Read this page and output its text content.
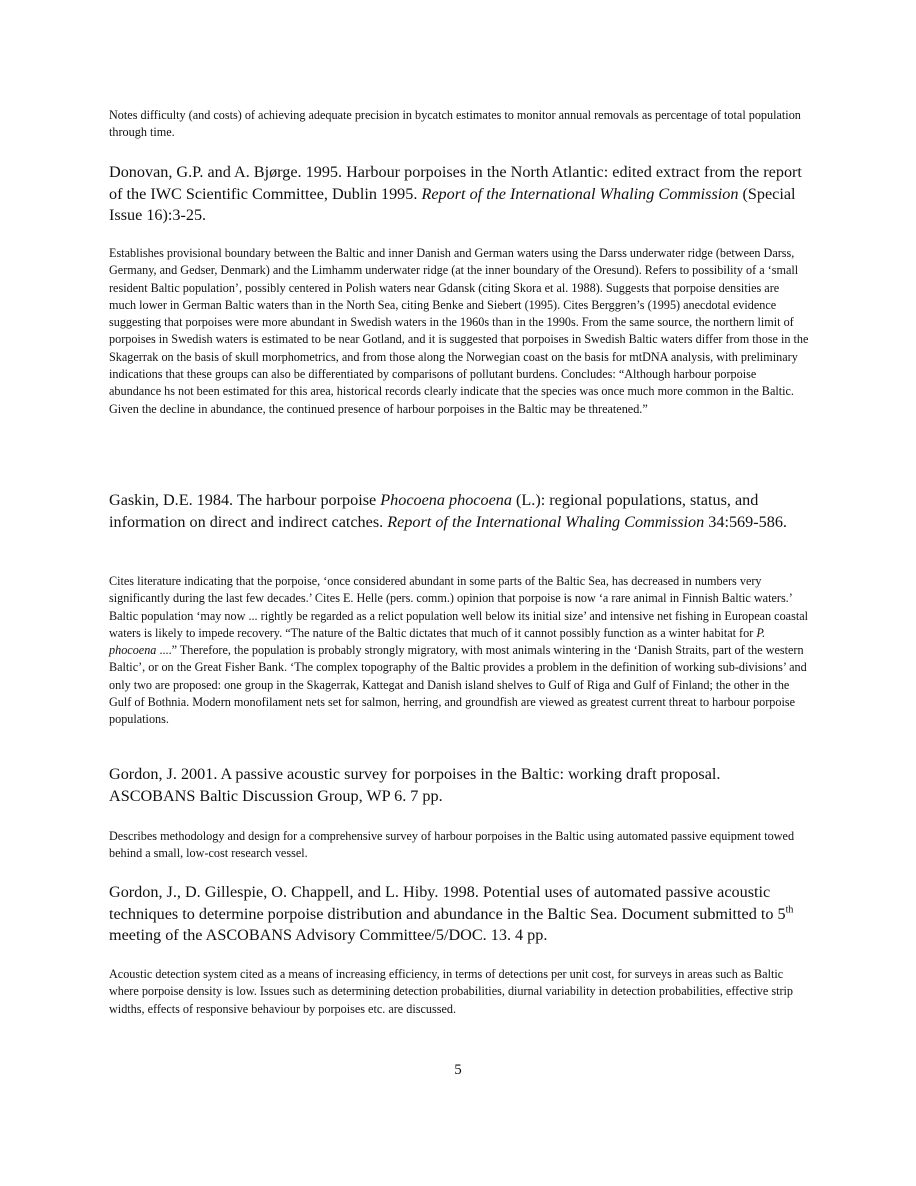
Notes difficulty (and costs) of achieving adequate precision in bycatch estimates to monitor annual removals as percentage of total population through time.

Donovan, G.P. and A. Bjørge. 1995. Harbour porpoises in the North Atlantic: edited extract from the report of the IWC Scientific Committee, Dublin 1995. Report of the International Whaling Commission (Special Issue 16):3-25.

Establishes provisional boundary between the Baltic and inner Danish and German waters using the Darss underwater ridge (between Darss, Germany, and Gedser, Denmark) and the Limhamm underwater ridge (at the inner boundary of the Oresund). Refers to possibility of a ‘small resident Baltic population’, possibly centered in Polish waters near Gdansk (citing Skora et al. 1988). Suggests that porpoise densities are much lower in German Baltic waters than in the North Sea, citing Benke and Siebert (1995). Cites Berggren’s (1995) anecdotal evidence suggesting that porpoises were more abundant in Swedish waters in the 1960s than in the 1990s. From the same source, the northern limit of porpoises in Swedish waters is estimated to be near Gotland, and it is suggested that porpoises in Swedish Baltic waters differ from those in the Skagerrak on the basis of skull morphometrics, and from those along the Norwegian coast on the basis for mtDNA analysis, with preliminary indications that these groups can also be differentiated by comparisons of pollutant burdens. Concludes: “Although harbour porpoise abundance hs not been estimated for this area, historical records clearly indicate that the species was once much more common in the Baltic. Given the decline in abundance, the continued presence of harbour porpoises in the Baltic may be threatened.”

Gaskin, D.E. 1984. The harbour porpoise Phocoena phocoena (L.): regional populations, status, and information on direct and indirect catches. Report of the International Whaling Commission 34:569-586.

Cites literature indicating that the porpoise, ‘once considered abundant in some parts of the Baltic Sea, has decreased in numbers very significantly during the last few decades.’ Cites E. Helle (pers. comm.) opinion that porpoise is now ‘a rare animal in Finnish Baltic waters.’ Baltic population ‘may now ... rightly be regarded as a relict population well below its initial size’ and intensive net fishing in European coastal waters is likely to impede recovery. “The nature of the Baltic dictates that much of it cannot possibly function as a winter habitat for P. phocoena ....” Therefore, the population is probably strongly migratory, with most animals wintering in the ‘Danish Straits, part of the western Baltic’, or on the Great Fisher Bank. ‘The complex topography of the Baltic provides a problem in the definition of working sub-divisions’ and only two are proposed: one group in the Skagerrak, Kattegat and Danish island shelves to Gulf of Riga and Gulf of Finland; the other in the Gulf of Bothnia. Modern monofilament nets set for salmon, herring, and groundfish are viewed as greatest current threat to harbour porpoise populations.

Gordon, J. 2001. A passive acoustic survey for porpoises in the Baltic: working draft proposal. ASCOBANS Baltic Discussion Group, WP 6. 7 pp.

Describes methodology and design for a comprehensive survey of harbour porpoises in the Baltic using automated passive equipment towed behind a small, low-cost research vessel.

Gordon, J., D. Gillespie, O. Chappell, and L. Hiby. 1998. Potential uses of automated passive acoustic techniques to determine porpoise distribution and abundance in the Baltic Sea. Document submitted to 5th meeting of the ASCOBANS Advisory Committee/5/DOC. 13. 4 pp.

Acoustic detection system cited as a means of increasing efficiency, in terms of detections per unit cost, for surveys in areas such as Baltic where porpoise density is low. Issues such as determining detection probabilities, diurnal variability in detection probabilities, effective strip widths, effects of responsive behaviour by porpoises etc. are discussed.

5
